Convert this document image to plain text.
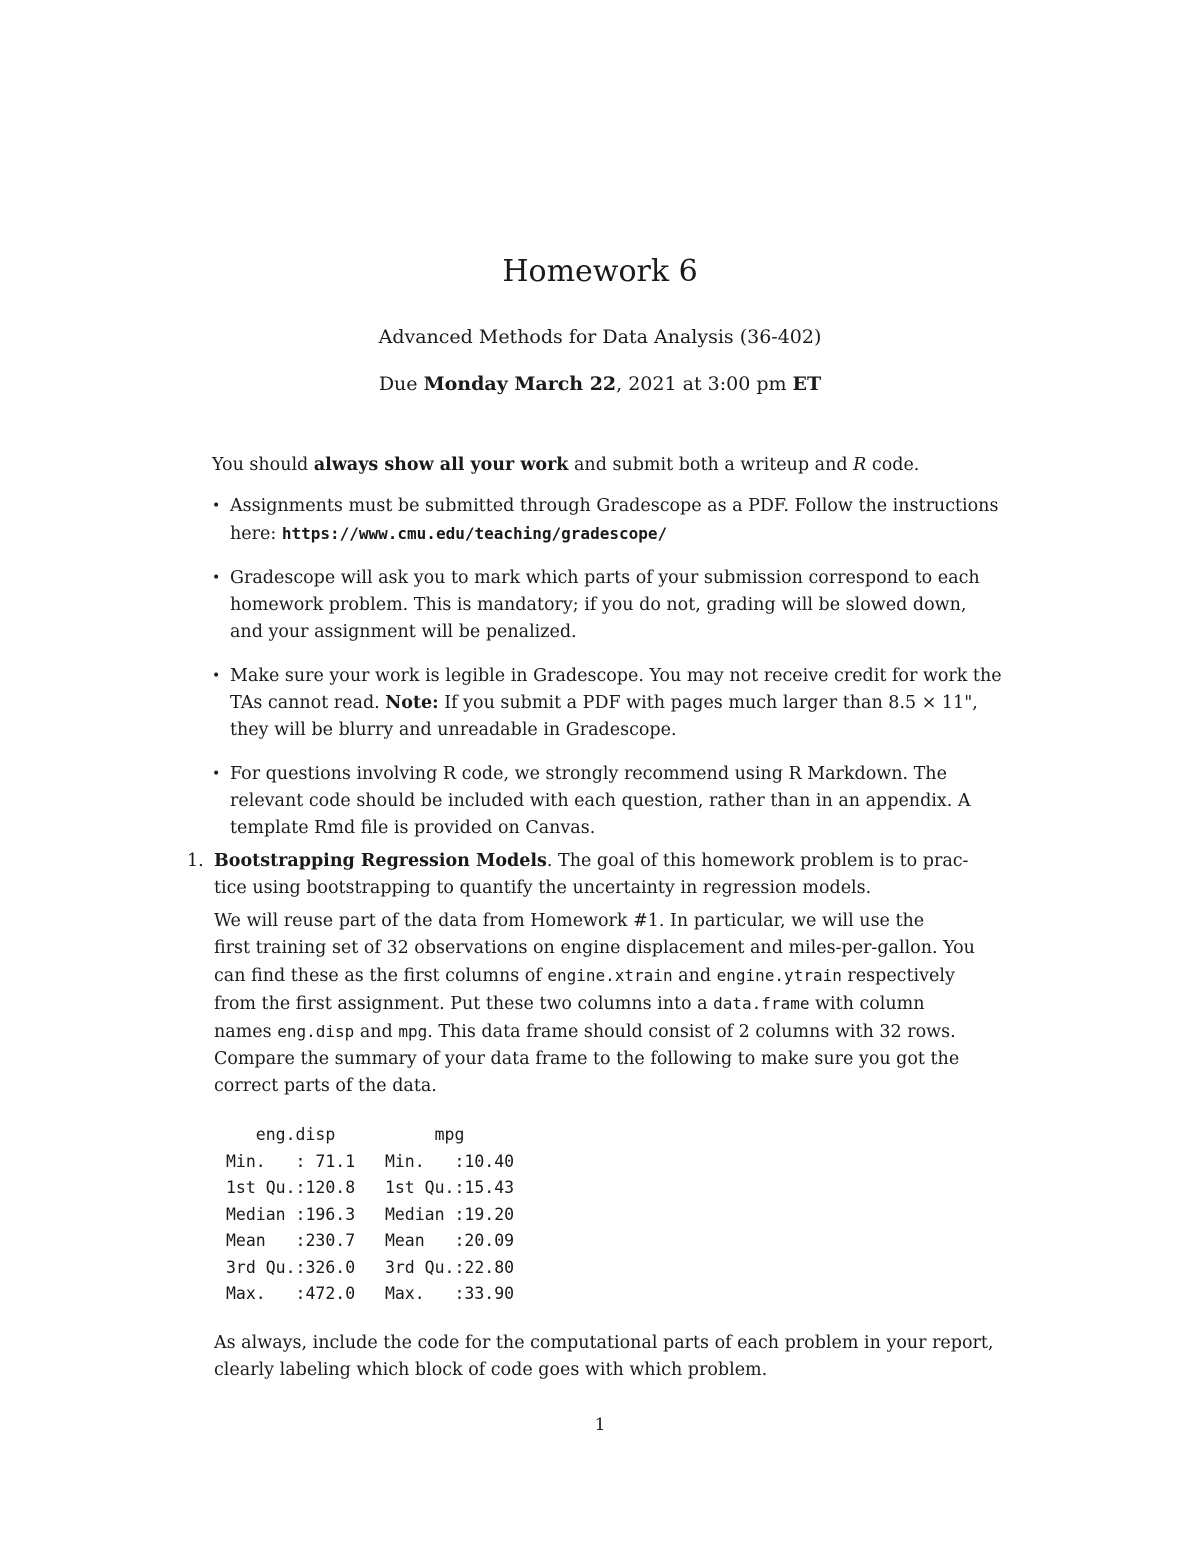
Homework 6
Advanced Methods for Data Analysis (36-402)
Due Monday March 22, 2021 at 3:00 pm ET
You should always show all your work and submit both a writeup and R code.
• Assignments must be submitted through Gradescope as a PDF. Follow the instructions
here: https://www.cmu.edu/teaching/gradescope/
• Gradescope will ask you to mark which parts of your submission correspond to each
homework problem. This is mandatory; if you do not, grading will be slowed down,
and your assignment will be penalized.
• Make sure your work is legible in Gradescope. You may not receive credit for work the
TAs cannot read. Note: If you submit a PDF with pages much larger than 8.5 × 11",
they will be blurry and unreadable in Gradescope.
• For questions involving R code, we strongly recommend using R Markdown. The
relevant code should be included with each question, rather than in an appendix. A
template Rmd file is provided on Canvas.
1. Bootstrapping Regression Models. The goal of this homework problem is to prac-
tice using bootstrapping to quantify the uncertainty in regression models.
We will reuse part of the data from Homework #1. In particular, we will use the
first training set of 32 observations on engine displacement and miles-per-gallon. You
can find these as the first columns of engine.xtrain and engine.ytrain respectively
from the first assignment. Put these two columns into a data.frame with column
names eng.disp and mpg. This data frame should consist of 2 columns with 32 rows.
Compare the summary of your data frame to the following to make sure you got the
correct parts of the data.
eng.disp          mpg
Min.   : 71.1   Min.   :10.40
1st Qu.:120.8   1st Qu.:15.43
Median :196.3   Median :19.20
Mean   :230.7   Mean   :20.09
3rd Qu.:326.0   3rd Qu.:22.80
Max.   :472.0   Max.   :33.90
As always, include the code for the computational parts of each problem in your report,
clearly labeling which block of code goes with which problem.
1
